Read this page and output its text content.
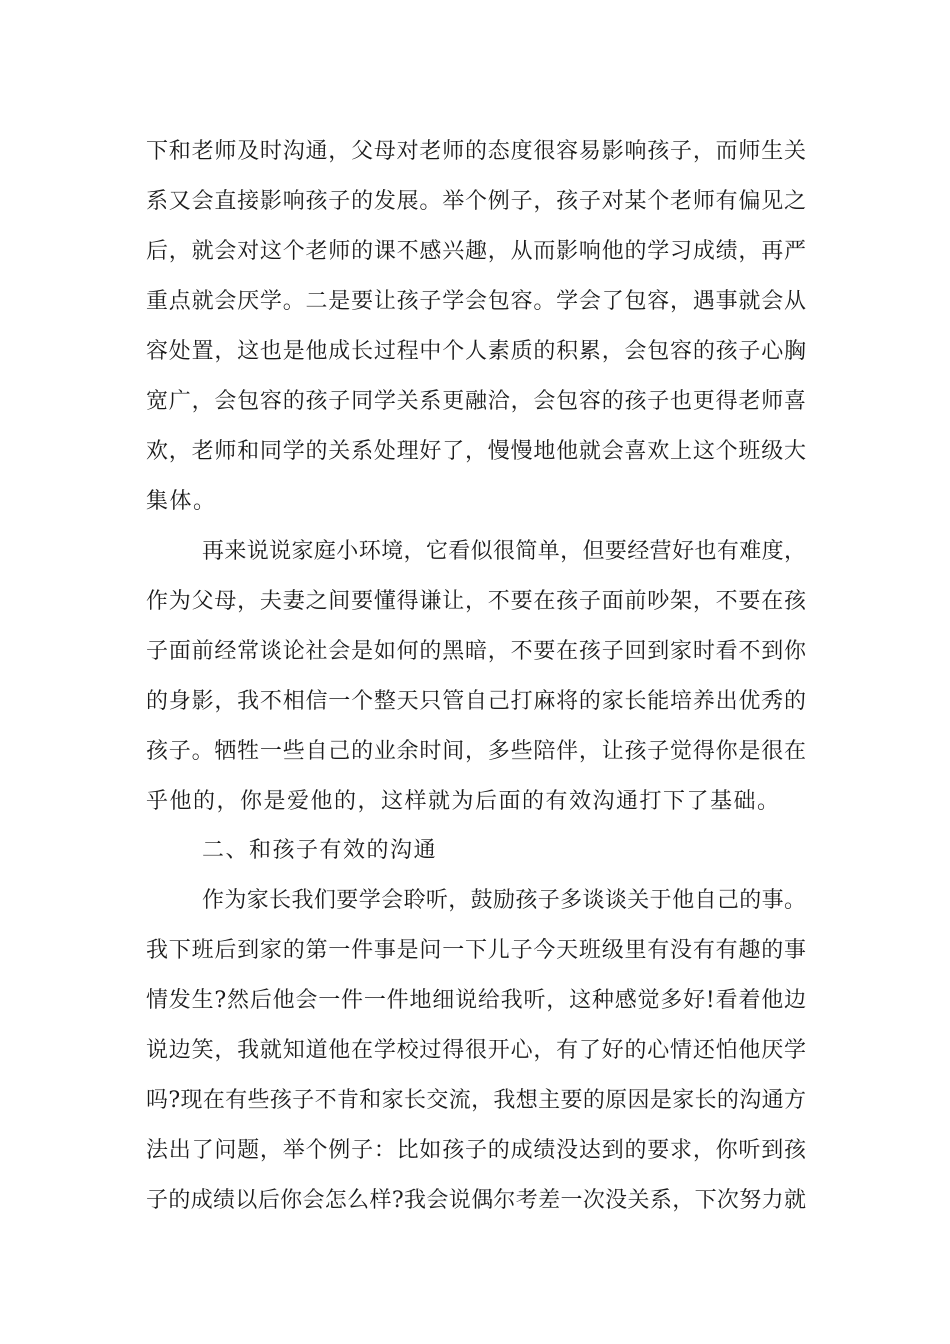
下和老师及时沟通，父母对老师的态度很容易影响孩子，而师生关
系又会直接影响孩子的发展。举个例子，孩子对某个老师有偏见之
后，就会对这个老师的课不感兴趣，从而影响他的学习成绩，再严
重点就会厌学。二是要让孩子学会包容。学会了包容，遇事就会从
容处置，这也是他成长过程中个人素质的积累，会包容的孩子心胸
宽广，会包容的孩子同学关系更融洽，会包容的孩子也更得老师喜
欢，老师和同学的关系处理好了，慢慢地他就会喜欢上这个班级大
集体。
再来说说家庭小环境，它看似很简单，但要经营好也有难度，
作为父母，夫妻之间要懂得谦让，不要在孩子面前吵架，不要在孩
子面前经常谈论社会是如何的黑暗，不要在孩子回到家时看不到你
的身影，我不相信一个整天只管自己打麻将的家长能培养出优秀的
孩子。牺牲一些自己的业余时间，多些陪伴，让孩子觉得你是很在
乎他的，你是爱他的，这样就为后面的有效沟通打下了基础。
二、和孩子有效的沟通
作为家长我们要学会聆听，鼓励孩子多谈谈关于他自己的事。
我下班后到家的第一件事是问一下儿子今天班级里有没有有趣的事
情发生?然后他会一件一件地细说给我听，这种感觉多好!看着他边
说边笑，我就知道他在学校过得很开心，有了好的心情还怕他厌学
吗?现在有些孩子不肯和家长交流，我想主要的原因是家长的沟通方
法出了问题，举个例子：比如孩子的成绩没达到的要求，你听到孩
子的成绩以后你会怎么样?我会说偶尔考差一次没关系，下次努力就
